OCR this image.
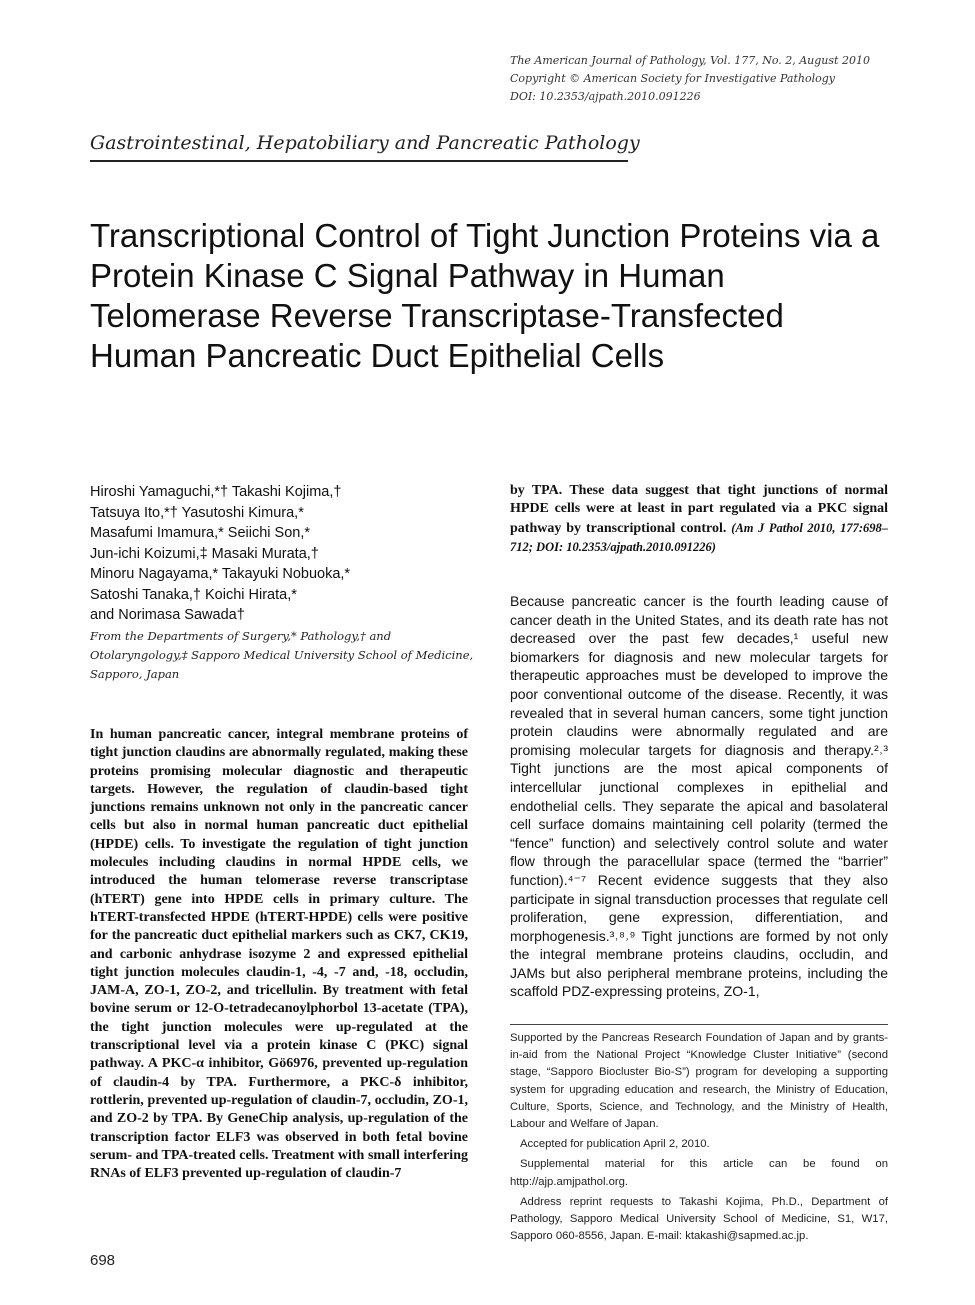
The American Journal of Pathology, Vol. 177, No. 2, August 2010
Copyright © American Society for Investigative Pathology
DOI: 10.2353/ajpath.2010.091226
Gastrointestinal, Hepatobiliary and Pancreatic Pathology
Transcriptional Control of Tight Junction Proteins via a Protein Kinase C Signal Pathway in Human Telomerase Reverse Transcriptase-Transfected Human Pancreatic Duct Epithelial Cells
Hiroshi Yamaguchi,*† Takashi Kojima,†
Tatsuya Ito,*† Yasutoshi Kimura,*
Masafumi Imamura,* Seiichi Son,*
Jun-ichi Koizumi,‡ Masaki Murata,†
Minoru Nagayama,* Takayuki Nobuoka,*
Satoshi Tanaka,† Koichi Hirata,*
and Norimasa Sawada†
From the Departments of Surgery,* Pathology,† and
Otolaryngology,‡ Sapporo Medical University School of Medicine,
Sapporo, Japan
In human pancreatic cancer, integral membrane proteins of tight junction claudins are abnormally regulated, making these proteins promising molecular diagnostic and therapeutic targets. However, the regulation of claudin-based tight junctions remains unknown not only in the pancreatic cancer cells but also in normal human pancreatic duct epithelial (HPDE) cells. To investigate the regulation of tight junction molecules including claudins in normal HPDE cells, we introduced the human telomerase reverse transcriptase (hTERT) gene into HPDE cells in primary culture. The hTERT-transfected HPDE (hTERT-HPDE) cells were positive for the pancreatic duct epithelial markers such as CK7, CK19, and carbonic anhydrase isozyme 2 and expressed epithelial tight junction molecules claudin-1, -4, -7 and, -18, occludin, JAM-A, ZO-1, ZO-2, and tricellulin. By treatment with fetal bovine serum or 12-O-tetradecanoylphorbol 13-acetate (TPA), the tight junction molecules were up-regulated at the transcriptional level via a protein kinase C (PKC) signal pathway. A PKC-α inhibitor, Gö6976, prevented up-regulation of claudin-4 by TPA. Furthermore, a PKC-δ inhibitor, rottlerin, prevented up-regulation of claudin-7, occludin, ZO-1, and ZO-2 by TPA. By GeneChip analysis, up-regulation of the transcription factor ELF3 was observed in both fetal bovine serum- and TPA-treated cells. Treatment with small interfering RNAs of ELF3 prevented up-regulation of claudin-7
by TPA. These data suggest that tight junctions of normal HPDE cells were at least in part regulated via a PKC signal pathway by transcriptional control. (Am J Pathol 2010, 177:698–712; DOI: 10.2353/ajpath.2010.091226)
Because pancreatic cancer is the fourth leading cause of cancer death in the United States, and its death rate has not decreased over the past few decades,¹ useful new biomarkers for diagnosis and new molecular targets for therapeutic approaches must be developed to improve the poor conventional outcome of the disease. Recently, it was revealed that in several human cancers, some tight junction protein claudins were abnormally regulated and are promising molecular targets for diagnosis and therapy.²˒³ Tight junctions are the most apical components of intercellular junctional complexes in epithelial and endothelial cells. They separate the apical and basolateral cell surface domains maintaining cell polarity (termed the “fence” function) and selectively control solute and water flow through the paracellular space (termed the “barrier” function).⁴⁻⁷ Recent evidence suggests that they also participate in signal transduction processes that regulate cell proliferation, gene expression, differentiation, and morphogenesis.³˒⁸˒⁹ Tight junctions are formed by not only the integral membrane proteins claudins, occludin, and JAMs but also peripheral membrane proteins, including the scaffold PDZ-expressing proteins, ZO-1,

Supported by the Pancreas Research Foundation of Japan and by grants-in-aid from the National Project “Knowledge Cluster Initiative” (second stage, “Sapporo Biocluster Bio-S”) program for developing a supporting system for upgrading education and research, the Ministry of Education, Culture, Sports, Science, and Technology, and the Ministry of Health, Labour and Welfare of Japan.

Accepted for publication April 2, 2010.

Supplemental material for this article can be found on http://ajp.amjpathol.org.

Address reprint requests to Takashi Kojima, Ph.D., Department of Pathology, Sapporo Medical University School of Medicine, S1, W17, Sapporo 060-8556, Japan. E-mail: ktakashi@sapmed.ac.jp.

698
